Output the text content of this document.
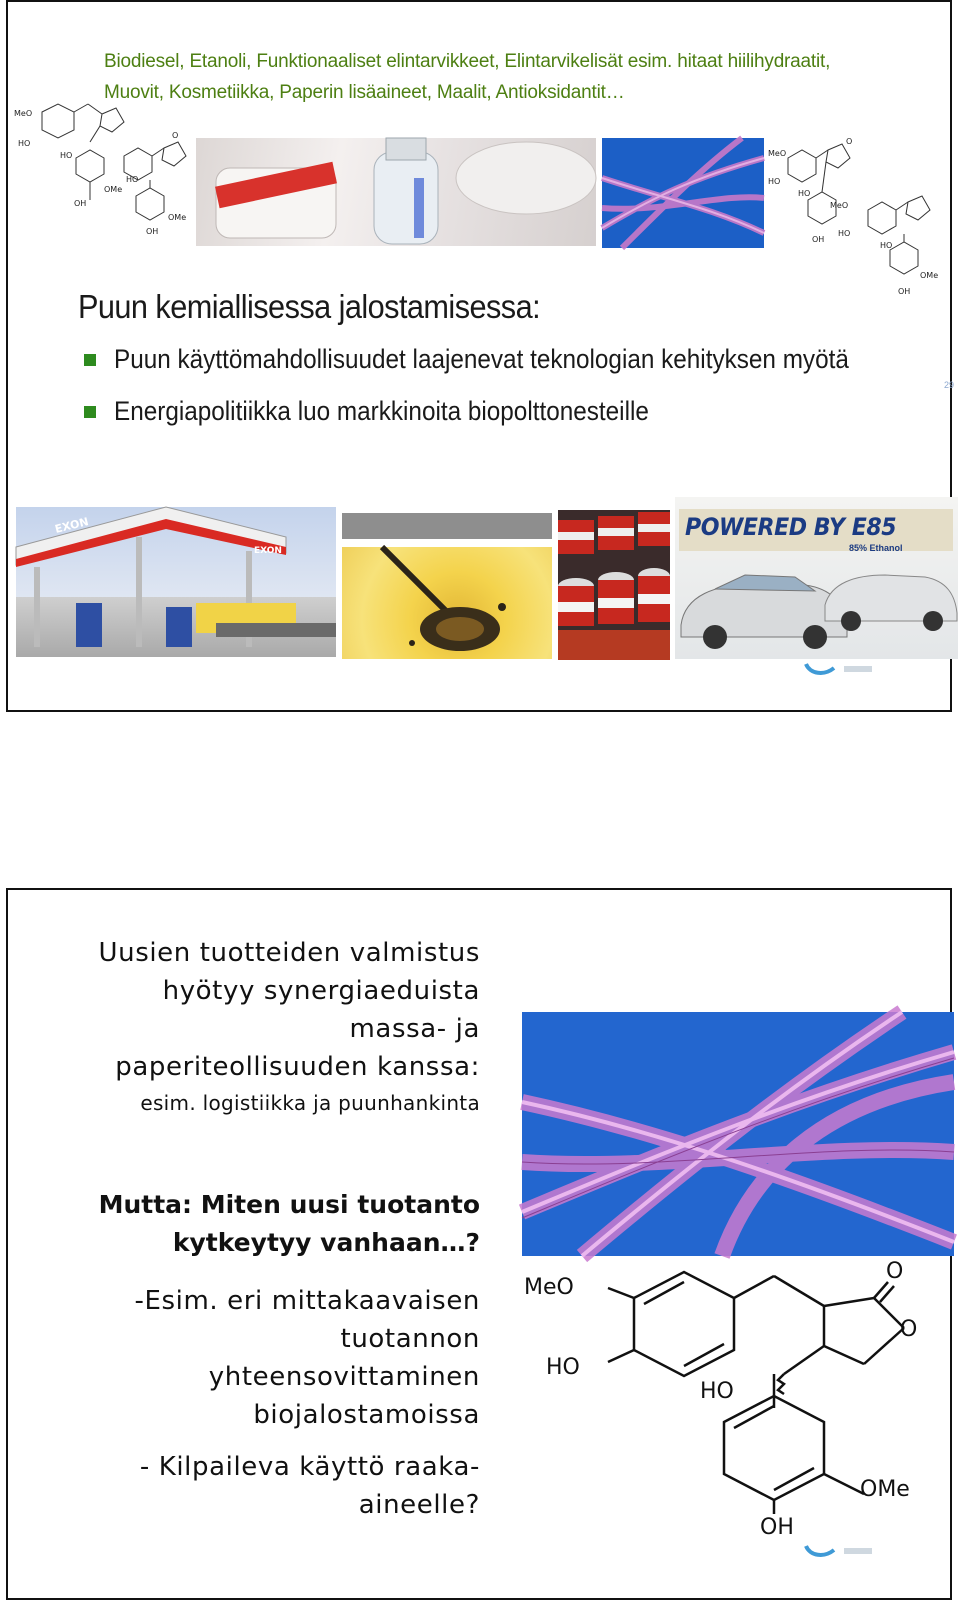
Biodiesel, Etanoli, Funktionaaliset elintarvikkeet, Elintarvikelisät esim. hitaat hiilihydraatit,
Muovit, Kosmetiikka, Paperin lisäaineet, Maalit, Antioksidantit…
MeO
HO
HO
OMe
OH
HO
OMe
OH
O
MeO
HO
HO
MeO
HO
OH
HO
OMe
OH
O
Puun kemiallisessa jalostamisessa:
Puun käyttömahdollisuudet laajenevat teknologian kehityksen myötä
Energiapolitiikka luo markkinoita biopolttonesteille
29
EXON
EXON
POWERED BY E85
85% Ethanol
Uusien tuotteiden valmistus
hyötyy synergiaeduista
massa- ja
paperiteollisuuden kanssa:
esim. logistiikka ja puunhankinta
Mutta: Miten uusi tuotanto
kytkeytyy vanhaan…?
-Esim. eri mittakaavaisen
tuotannon
yhteensovittaminen
biojalostamoissa
- Kilpaileva käyttö raaka-
aineelle?
MeO
HO
HO
OMe
OH
O
O
